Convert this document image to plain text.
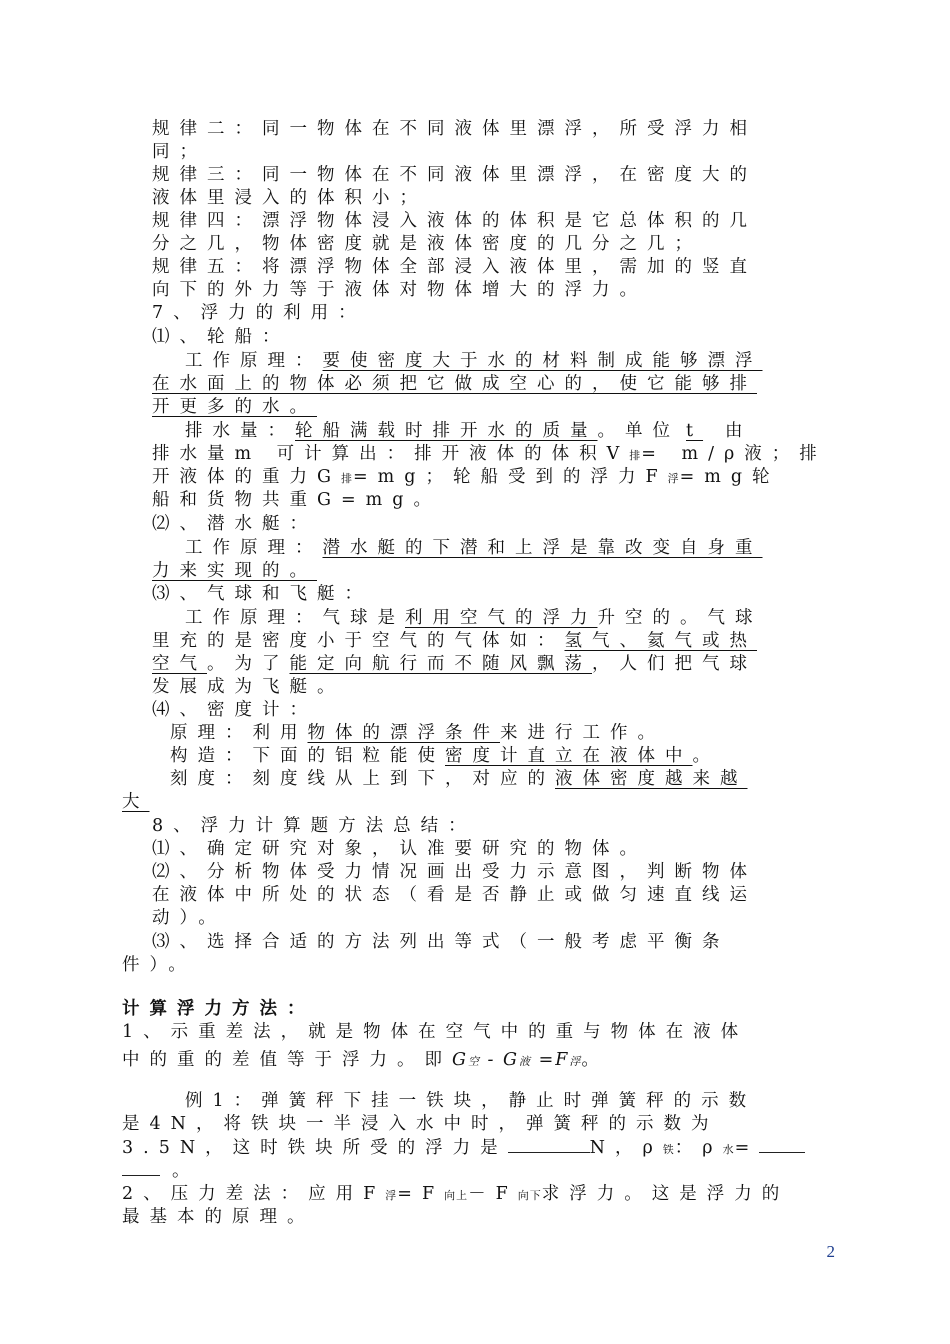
规律二：同一物体在不同液体里漂浮，所受浮力相
同；
规律三：同一物体在不同液体里漂浮，在密度大的
液体里浸入的体积小；
规律四：漂浮物体浸入液体的体积是它总体积的几
分之几，物体密度就是液体密度的几分之几；
规律五：将漂浮物体全部浸入液体里，需加的竖直
向下的外力等于液体对物体增大的浮力。
7、浮力的利用：
⑴、轮船：
工作原理：要使密度大于水的材料制成能够漂浮
在水面上的物体必须把它做成空心的，使它能够排
开更多的水。
排水量：轮船满载时排开水的质量。单位 t 由
排水量m 可计算出：排开液体的体积V排= m/ρ液；排
开液体的重力G排=mg；轮船受到的浮力F浮=mg轮
船和货物共重G=mg。
⑵、潜水艇：
工作原理：潜水艇的下潜和上浮是靠改变自身重
力来实现的。
⑶、气球和飞艇：
工作原理：气球是利用空气的浮力升空的。气球
里充的是密度小于空气的气体如：氢气、氦气或热
空气。为了能定向航行而不随风飘荡，人们把气球
发展成为飞艇。
⑷、密度计：
原理：利用物体的漂浮条件来进行工作。
构造：下面的铝粒能使密度计直立在液体中。
刻度：刻度线从上到下，对应的液体密度越来越
大
8、浮力计算题方法总结：
⑴、确定研究对象，认准要研究的物体。
⑵、分析物体受力情况画出受力示意图，判断物体
在液体中所处的状态（看是否静止或做匀速直线运
动）。
⑶、选择合适的方法列出等式（一般考虑平衡条
件）。
计算浮力方法：
1、示重差法，就是物体在空气中的重与物体在液体
中的重的差值等于浮力。即G空 - G液 =F浮。
例1：弹簧秤下挂一铁块，静止时弹簧秤的示数
是4N，将铁块一半浸入水中时，弹簧秤的示数为
3.5N，这时铁块所受的浮力是	N，ρ铁：ρ水=
。
2、压力差法：应用F浮=F向上－F向下求浮力。这是浮力的
最基本的原理。
2
